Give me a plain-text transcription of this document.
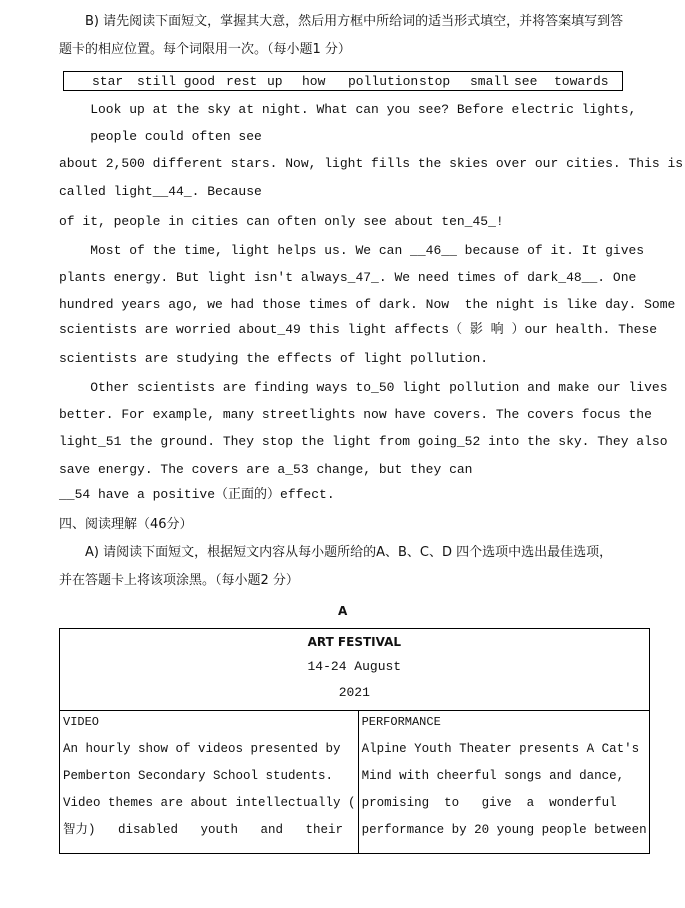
B) 请先阅读下面短文，掌握其大意，然后用方框中所给词的适当形式填空，并将答案填写到答
题卡的相应位置。每个词限用一次。（每小题1 分）
star still good rest up how pollution stop small see towards
Look up at the sky at night. What can you see? Before electric lights,
people could often see
about 2,500 different stars. Now, light fills the skies over our cities. This is
called light__44_. Because
of it, people in cities can often only see about ten_45_!
Most of the time, light helps us. We can __46__ because of it. It gives
plants energy. But light isn't always_47_. We need times of dark_48__. One
hundred years ago, we had those times of dark. Now  the night is like day. Some
scientists are worried about_49 this light affects（ 影 响 ）our health. These
scientists are studying the effects of light pollution.
Other scientists are finding ways to_50 light pollution and make our lives
better. For example, many streetlights now have covers. The covers focus the
light_51 the ground. They stop the light from going_52 into the sky. They also
save energy. The covers are a_53 change, but they can
__54 have a positive（正面的）effect.
四、阅读理解（46分）
A) 请阅读下面短文，根据短文内容从每小题所给的A、B、C、D 四个选项中选出最佳选项，
并在答题卡上将该项涂黑。（每小题2 分）
A
ART FESTIVAL
14-24 August
2021

VIDEO
An hourly show of videos presented by
Pemberton Secondary School students.
Video themes are about intellectually (
智力)   disabled   youth   and   their

PERFORMANCE
Alpine Youth Theater presents A Cat's
Mind with cheerful songs and dance,
promising  to   give  a  wonderful
performance by 20 young people between
